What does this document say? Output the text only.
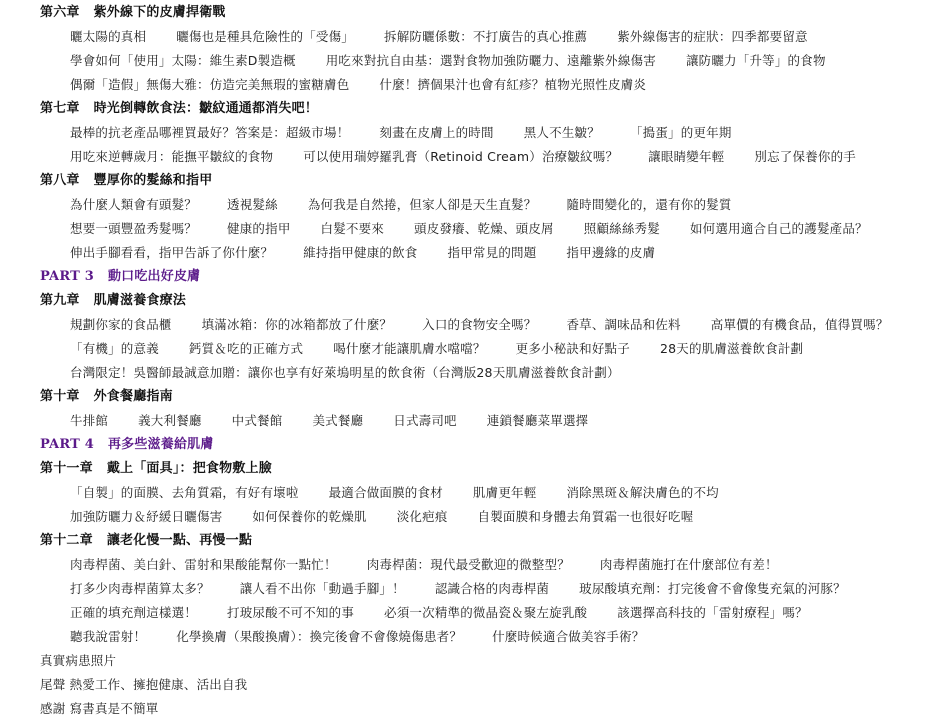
第六章 紫外線下的皮膚捍衛戰
曬太陽的真相 曬傷也是種具危險性的「受傷」 拆解防曬係數：不打廣告的真心推薦 紫外線傷害的症狀：四季都要留意
學會如何「使用」太陽：維生素D製造概 用吃來對抗自由基：選對食物加強防曬力、遠離紫外線傷害 讓防曬力「升等」的食物
偶爾「造假」無傷大雅：仿造完美無瑕的蜜糖膚色 什麼！擠個果汁也會有紅疹？植物光照性皮膚炎
第七章 時光倒轉飲食法：皺紋通通都消失吧！
最棒的抗老產品哪裡買最好？答案是：超級市場！ 刻畫在皮膚上的時間 黑人不生皺？ 「搗蛋」的更年期
用吃來逆轉歲月：能撫平皺紋的食物 可以使用瑞婷羅乳膏（Retinoid Cream）治療皺紋嗎？ 讓眼睛變年輕 別忘了保養你的手
第八章 豐厚你的髮絲和指甲
為什麼人類會有頭髮？ 透視髮絲 為何我是自然捲，但家人卻是天生直髮？ 隨時間變化的，還有你的髮質
想要一頭豐盈秀髮嗎？ 健康的指甲 白髮不要來 頭皮發癢、乾燥、頭皮屑 照顧絲絲秀髮 如何選用適合自己的護髮產品？
伸出手腳看看，指甲告訴了你什麼？ 維持指甲健康的飲食 指甲常見的問題 指甲邊緣的皮膚
PART 3 動口吃出好皮膚
第九章 肌膚滋養食療法
規劃你家的食品櫃 填滿冰箱：你的冰箱都放了什麼？ 入口的食物安全嗎？ 香草、調味品和佐料 高單價的有機食品，值得買嗎？
「有機」的意義 鈣質＆吃的正確方式 喝什麼才能讓肌膚水噹噹？ 更多小秘訣和好點子 28天的肌膚滋養飲食計劃
台灣限定！吳醫師最誠意加贈：讓你也享有好萊塢明星的飲食術（台灣版28天肌膚滋養飲食計劃）
第十章 外食餐廳指南
牛排館 義大利餐廳 中式餐館 美式餐廳 日式壽司吧 連鎖餐廳菜單選擇
PART 4 再多些滋養給肌膚
第十一章 戴上「面具」：把食物敷上臉
「自製」的面膜、去角質霜，有好有壞啦 最適合做面膜的食材 肌膚更年輕 消除黑斑＆解決膚色的不均
加強防曬力＆紓緩日曬傷害 如何保養你的乾燥肌 淡化疤痕 自製面膜和身體去角質霜一也很好吃喔
第十二章 讓老化慢一點、再慢一點
肉毒桿菌、美白針、雷射和果酸能幫你一點忙！ 肉毒桿菌：現代最受歡迎的微整型？ 肉毒桿菌施打在什麼部位有差！
打多少肉毒桿菌算太多？ 讓人看不出你「動過手腳」！ 認識合格的肉毒桿菌 玻尿酸填充劑：打完後會不會像隻充氣的河豚？
正確的填充劑這樣選！ 打玻尿酸不可不知的事 必須一次精準的微晶瓷＆聚左旋乳酸 該選擇高科技的「雷射療程」嗎？
聽我說雷射！ 化學換膚（果酸換膚）：換完後會不會像燒傷患者？ 什麼時候適合做美容手術？
真實病患照片
尾聲 熱愛工作、擁抱健康、活出自我
感謝 寫書真是不簡單
